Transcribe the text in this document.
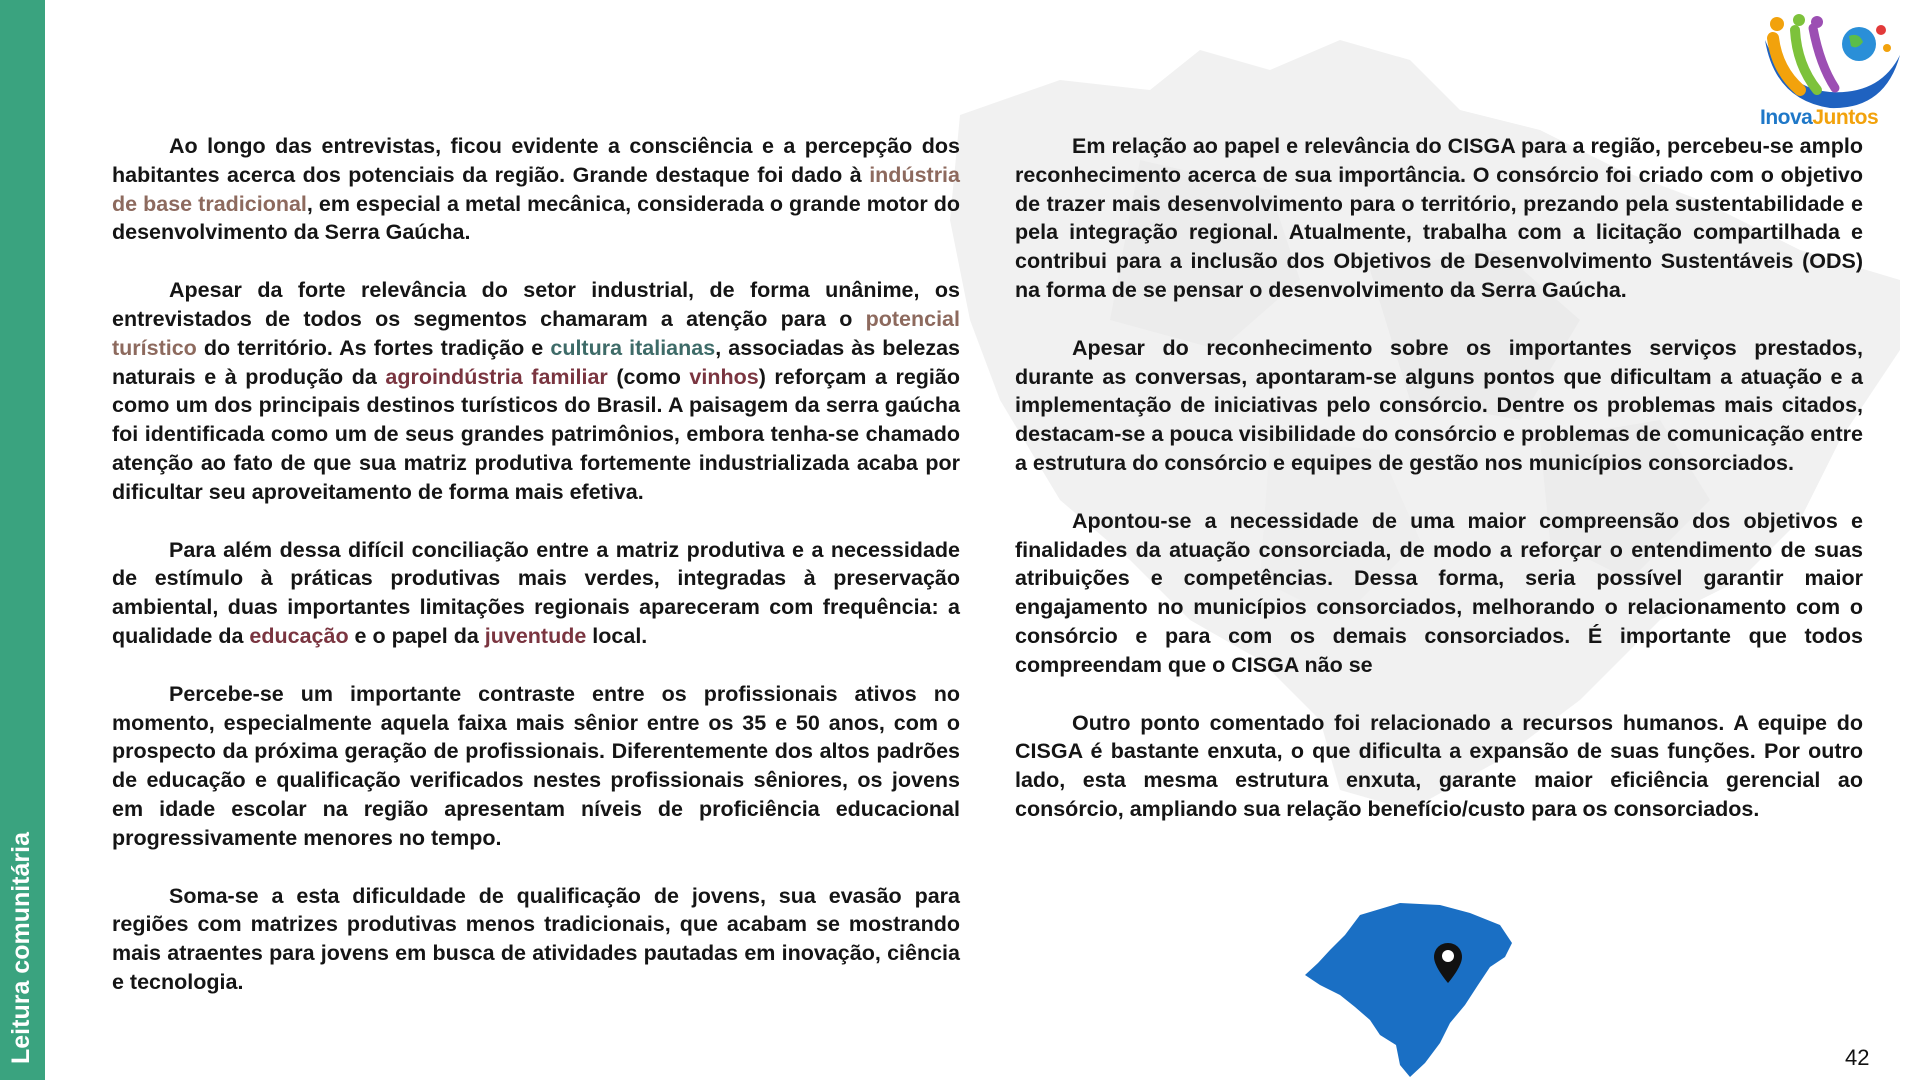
Leitura comunitária
InovaJuntos

Ao longo das entrevistas, ficou evidente a consciência e a percepção dos habitantes acerca dos potenciais da região. Grande destaque foi dado à indústria de base tradicional, em especial a metal mecânica, considerada o grande motor do desenvolvimento da Serra Gaúcha.

Apesar da forte relevância do setor industrial, de forma unânime, os entrevistados de todos os segmentos chamaram a atenção para o potencial turístico do território. As fortes tradição e cultura italianas, associadas às belezas naturais e à produção da agroindústria familiar (como vinhos) reforçam a região como um dos principais destinos turísticos do Brasil. A paisagem da serra gaúcha foi identificada como um de seus grandes patrimônios, embora tenha-se chamado atenção ao fato de que sua matriz produtiva fortemente industrializada acaba por dificultar seu aproveitamento de forma mais efetiva.

Para além dessa difícil conciliação entre a matriz produtiva e a necessidade de estímulo à práticas produtivas mais verdes, integradas à preservação ambiental, duas importantes limitações regionais apareceram com frequência: a qualidade da educação e o papel da juventude local.

Percebe-se um importante contraste entre os profissionais ativos no momento, especialmente aquela faixa mais sênior entre os 35 e 50 anos, com o prospecto da próxima geração de profissionais. Diferentemente dos altos padrões de educação e qualificação verificados nestes profissionais sêniores, os jovens em idade escolar na região apresentam níveis de proficiência educacional progressivamente menores no tempo.

Soma-se a esta dificuldade de qualificação de jovens, sua evasão para regiões com matrizes produtivas menos tradicionais, que acabam se mostrando mais atraentes para jovens em busca de atividades pautadas em inovação, ciência e tecnologia.

Em relação ao papel e relevância do CISGA para a região, percebeu-se amplo reconhecimento acerca de sua importância. O consórcio foi criado com o objetivo de trazer mais desenvolvimento para o território, prezando pela sustentabilidade e pela integração regional. Atualmente, trabalha com a licitação compartilhada e contribui para a inclusão dos Objetivos de Desenvolvimento Sustentáveis (ODS) na forma de se pensar o desenvolvimento da Serra Gaúcha.

Apesar do reconhecimento sobre os importantes serviços prestados, durante as conversas, apontaram-se alguns pontos que dificultam a atuação e a implementação de iniciativas pelo consórcio. Dentre os problemas mais citados, destacam-se a pouca visibilidade do consórcio e problemas de comunicação entre a estrutura do consórcio e equipes de gestão nos municípios consorciados.

Apontou-se a necessidade de uma maior compreensão dos objetivos e finalidades da atuação consorciada, de modo a reforçar o entendimento de suas atribuições e competências. Dessa forma, seria possível garantir maior engajamento no municípios consorciados, melhorando o relacionamento com o consórcio e para com os demais consorciados. É importante que todos compreendam que o CISGA não se

Outro ponto comentado foi relacionado a recursos humanos. A equipe do CISGA é bastante enxuta, o que dificulta a expansão de suas funções. Por outro lado, esta mesma estrutura enxuta, garante maior eficiência gerencial ao consórcio, ampliando sua relação benefício/custo para os consorciados.

42
